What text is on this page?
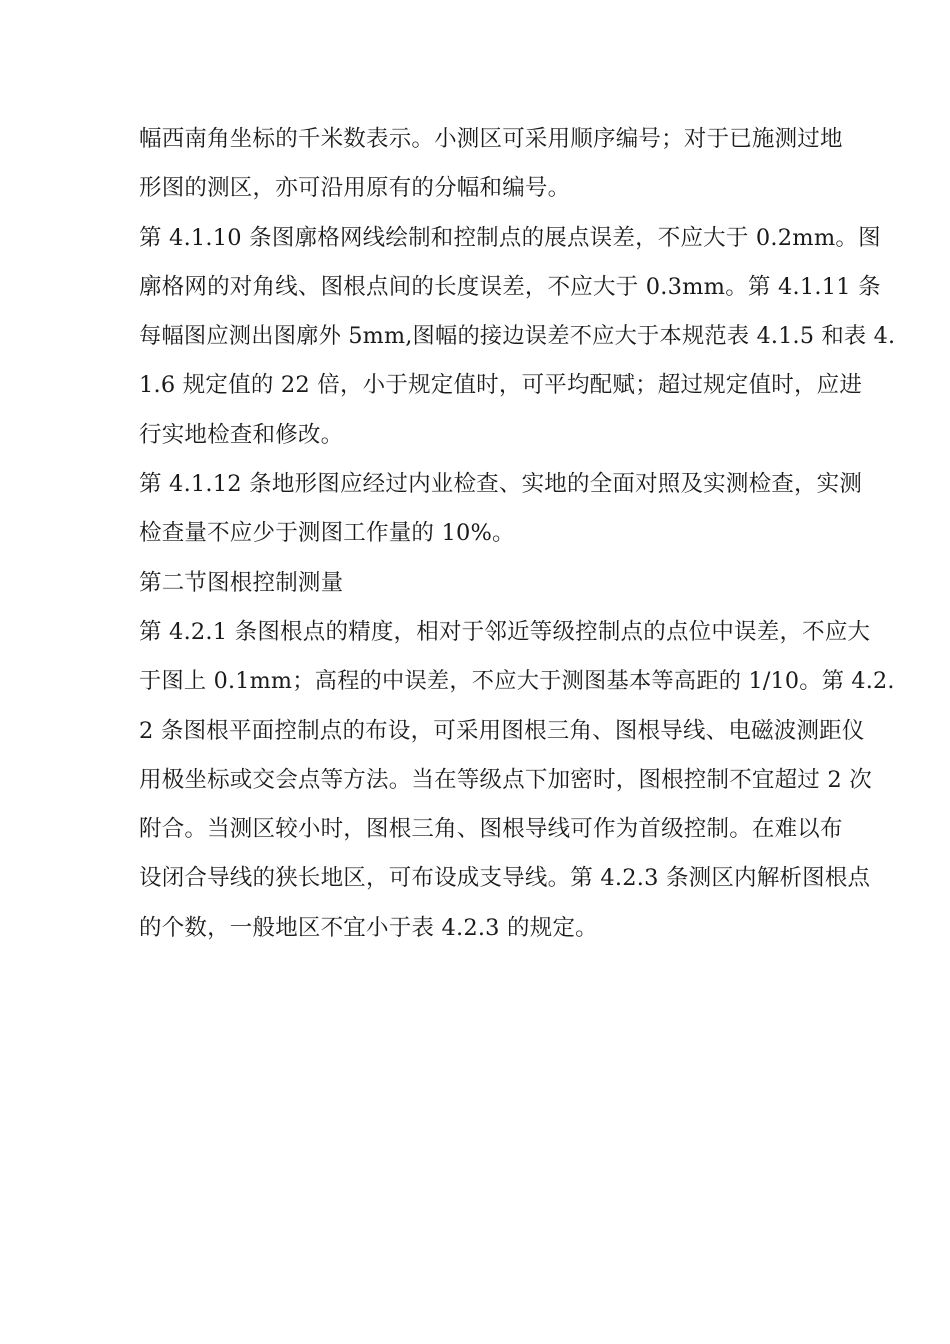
幅西南角坐标的千米数表示。小测区可采用顺序编号；对于已施测过地
形图的测区，亦可沿用原有的分幅和编号。
第 4.1.10 条图廓格网线绘制和控制点的展点误差，不应大于 0.2mm。图
廓格网的对角线、图根点间的长度误差，不应大于 0.3mm。第 4.1.11 条
每幅图应测出图廓外 5mm,图幅的接边误差不应大于本规范表 4.1.5 和表 4.
1.6 规定值的 22 倍，小于规定值时，可平均配赋；超过规定值时，应进
行实地检查和修改。
第 4.1.12 条地形图应经过内业检查、实地的全面对照及实测检查，实测
检查量不应少于测图工作量的 10%。
第二节图根控制测量
第 4.2.1 条图根点的精度，相对于邻近等级控制点的点位中误差，不应大
于图上 0.1mm；高程的中误差，不应大于测图基本等高距的 1/10。第 4.2.
2 条图根平面控制点的布设，可采用图根三角、图根导线、电磁波测距仪
用极坐标或交会点等方法。当在等级点下加密时，图根控制不宜超过 2 次
附合。当测区较小时，图根三角、图根导线可作为首级控制。在难以布
设闭合导线的狭长地区，可布设成支导线。第 4.2.3 条测区内解析图根点
的个数，一般地区不宜小于表 4.2.3 的规定。
